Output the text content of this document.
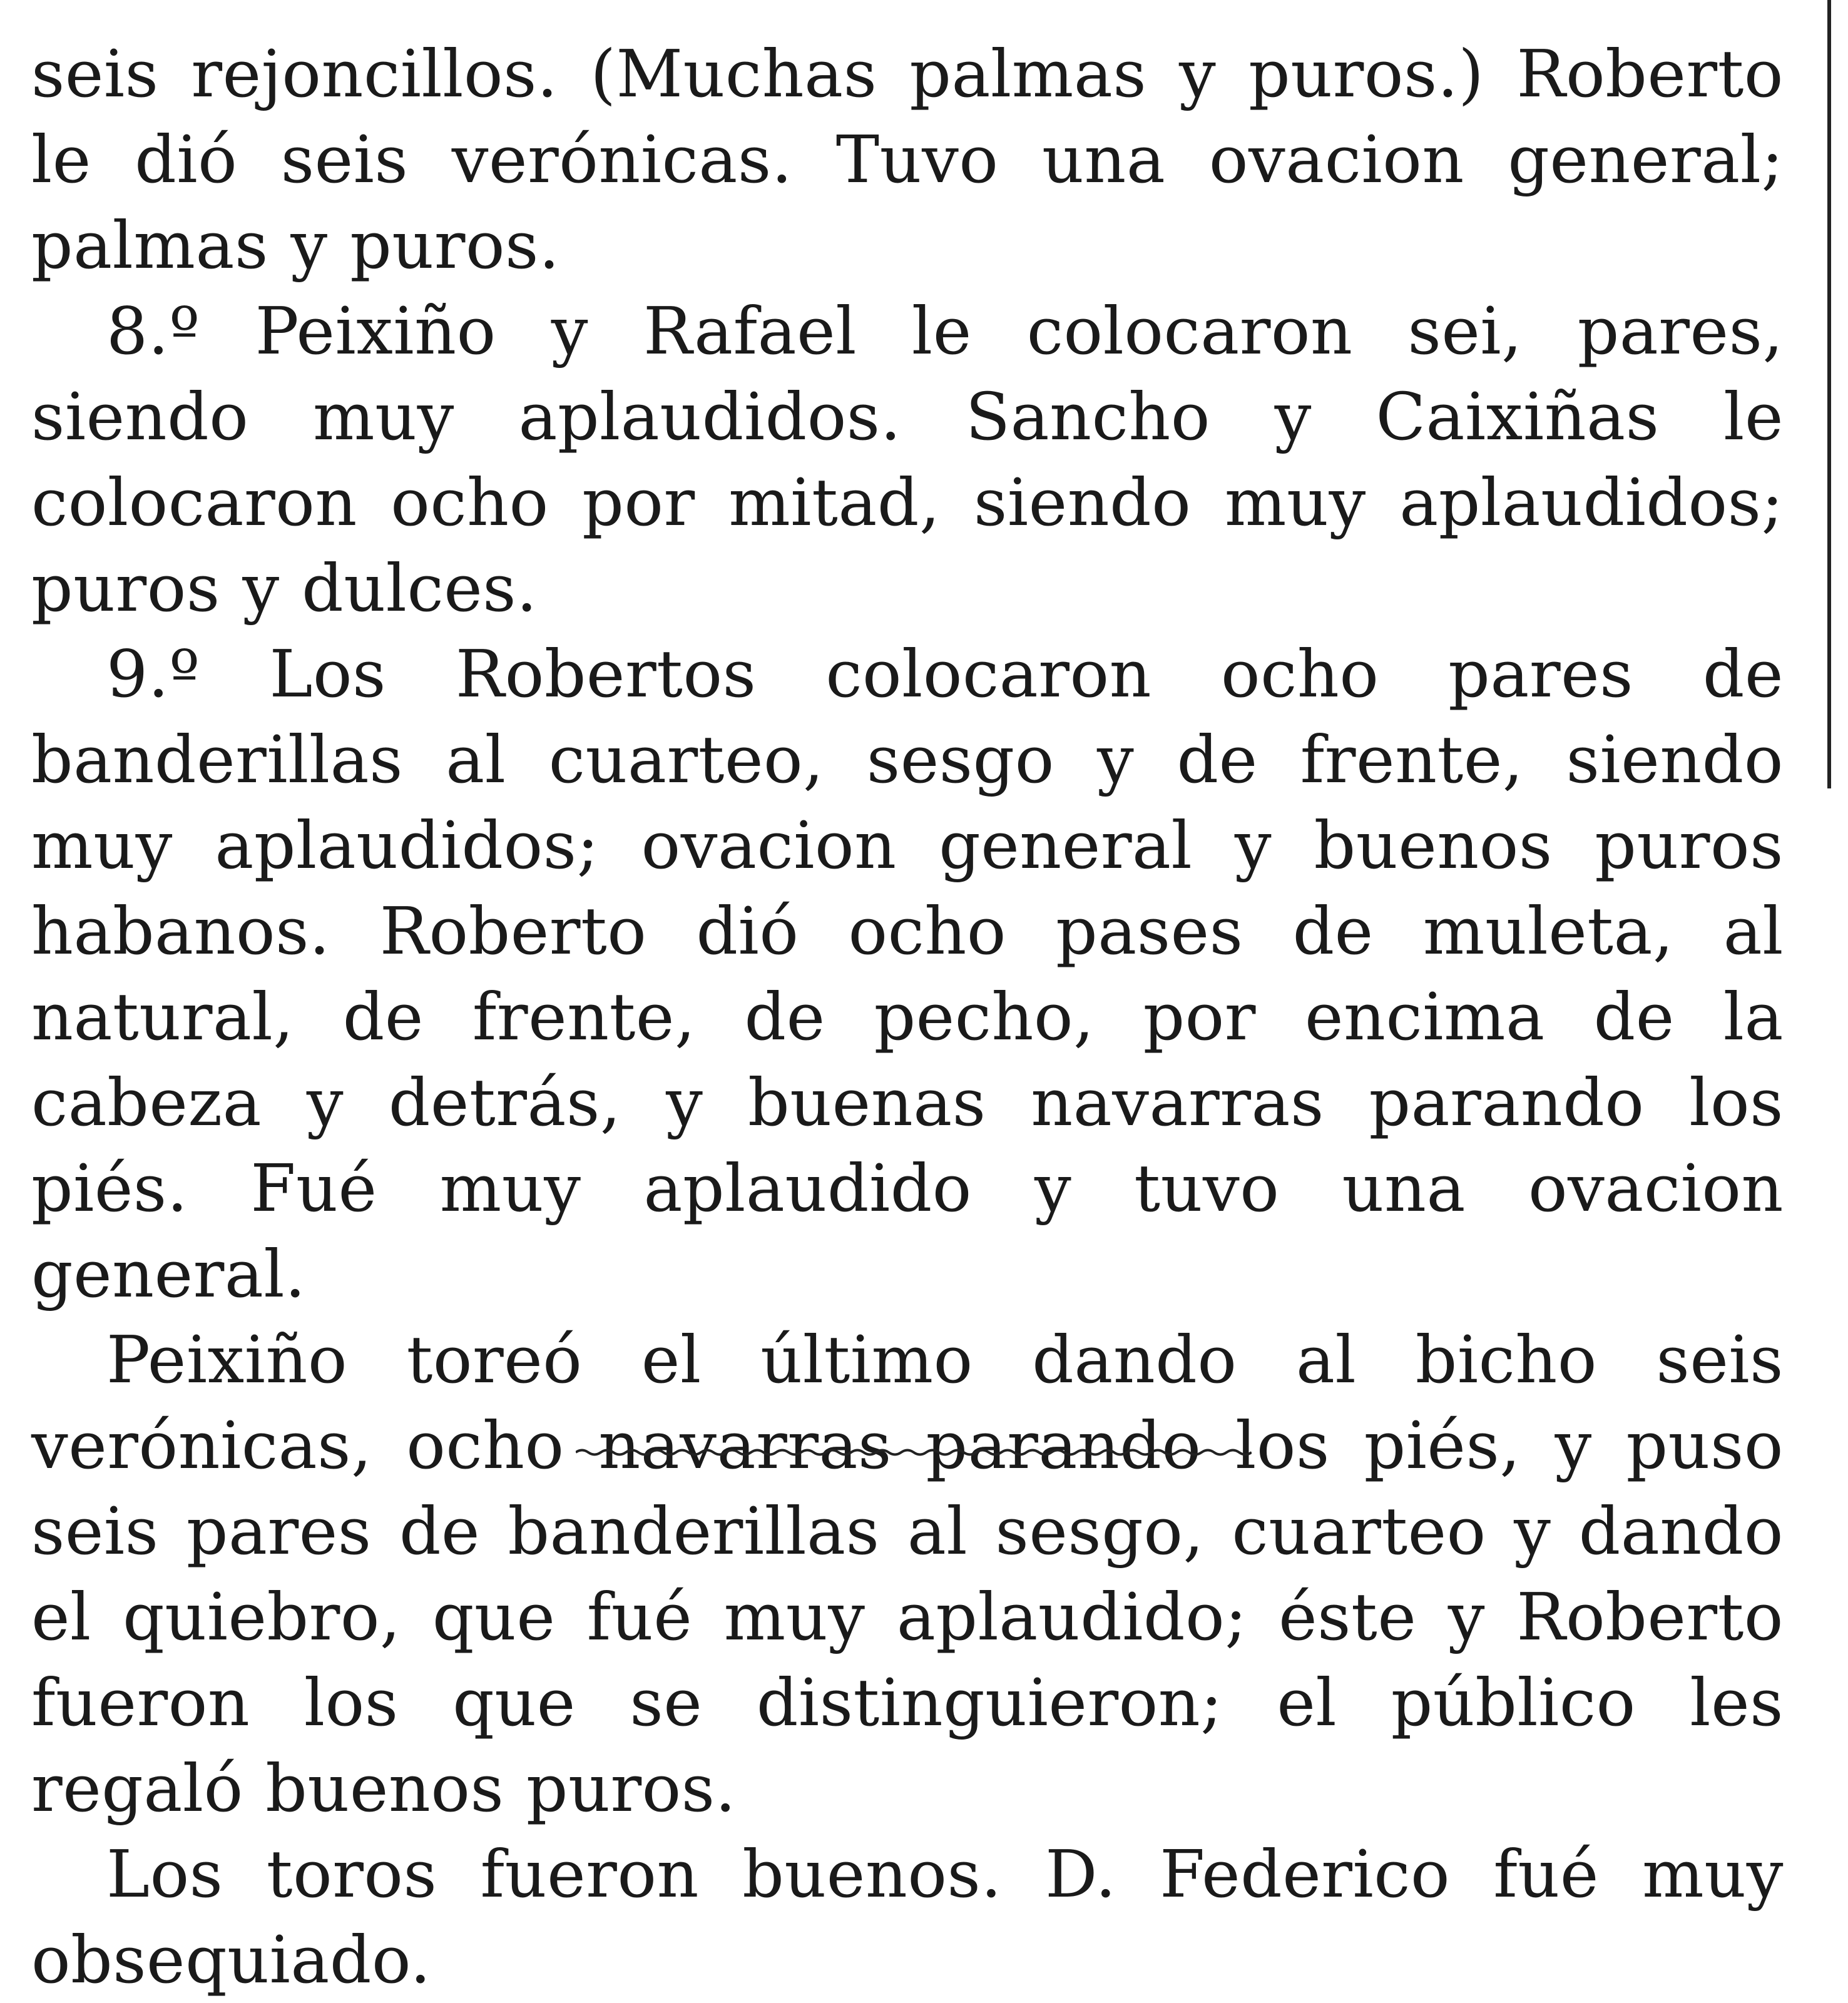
seis rejoncillos. (Muchas palmas y puros.) Roberto le dió seis verónicas. Tuvo una ovacion general; palmas y puros.

8.º Peixiño y Rafael le colocaron sei, pares, siendo muy aplaudidos. Sancho y Caixiñas le colocaron ocho por mitad, siendo muy aplaudidos; puros y dulces.

9.º Los Robertos colocaron ocho pares de banderillas al cuarteo, sesgo y de frente, siendo muy aplaudidos; ovacion general y buenos puros habanos. Roberto dió ocho pases de muleta, al natural, de frente, de pecho, por encima de la cabeza y detrás, y buenas navarras parando los piés. Fué muy aplaudido y tuvo una ovacion general.

Peixiño toreó el último dando al bicho seis verónicas, ocho navarras parando los piés, y puso seis pares de banderillas al sesgo, cuarteo y dando el quiebro, que fué muy aplaudido; éste y Roberto fueron los que se distinguieron; el público les regaló buenos puros.

Los toros fueron buenos. D. Federico fué muy obsequiado.
